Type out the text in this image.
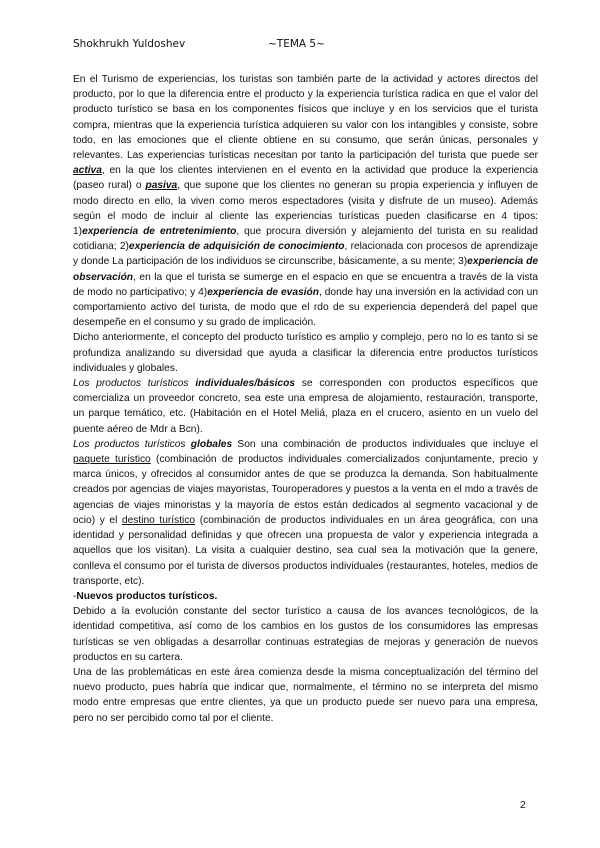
Shokhrukh Yuldoshev	~TEMA 5~

En el Turismo de experiencias, los turistas son también parte de la actividad y actores directos del producto, por lo que la diferencia entre el producto y la experiencia turística radica en que el valor del producto turístico se basa en los componentes físicos que incluye y en los servicios que el turista compra, mientras que la experiencia turística adquieren su valor con los intangibles y consiste, sobre todo, en las emociones que el cliente obtiene en su consumo, que serán únicas, personales y relevantes. Las experiencias turísticas necesitan por tanto la participación del turista que puede ser activa, en la que los clientes intervienen en el evento en la actividad que produce la experiencia (paseo rural) o pasiva, que supone que los clientes no generan su propia experiencia y influyen de modo directo en ello, la viven como meros espectadores (visita y disfrute de un museo). Además según el modo de incluir al cliente las experiencias turísticas pueden clasificarse en 4 tipos: 1)experiencia de entretenimiento, que procura diversión y alejamiento del turista en su realidad cotidiana; 2)experiencia de adquisición de conocimiento, relacionada con procesos de aprendizaje y donde La participación de los individuos se circunscribe, básicamente, a su mente; 3)experiencia de observación, en la que el turista se sumerge en el espacio en que se encuentra a través de la vista de modo no participativo; y 4)experiencia de evasión, donde hay una inversión en la actividad con un comportamiento activo del turista, de modo que el rdo de su experiencia dependerá del papel que desempeñe en el consumo y su grado de implicación.

Dicho anteriormente, el concepto del producto turístico es amplio y complejo, pero no lo es tanto si se profundiza analizando su diversidad que ayuda a clasificar la diferencia entre productos turísticos individuales y globales.

Los productos turísticos individuales/básicos se corresponden con productos específicos que comercializa un proveedor concreto, sea este una empresa de alojamiento, restauración, transporte, un parque temático, etc. (Habitación en el Hotel Meliá, plaza en el crucero, asiento en un vuelo del puente aéreo de Mdr a Bcn).

Los productos turísticos globales Son una combinación de productos individuales que incluye el paquete turístico (combinación de productos individuales comercializados conjuntamente, precio y marca únicos, y ofrecidos al consumidor antes de que se produzca la demanda. Son habitualmente creados por agencias de viajes mayoristas, Touroperadores y puestos a la venta en el mdo a través de agencias de viajes minoristas y la mayoría de estos están dedicados al segmento vacacional y de ocio) y el destino turístico (combinación de productos individuales en un área geográfica, con una identidad y personalidad definidas y que ofrecen una propuesta de valor y experiencia integrada a aquellos que los visitan). La visita a cualquier destino, sea cual sea la motivación que la genere, conlleva el consumo por el turista de diversos productos individuales (restaurantes, hoteles, medios de transporte, etc).

-Nuevos productos turísticos.

Debido a la evolución constante del sector turístico a causa de los avances tecnológicos, de la identidad competitiva, así como de los cambios en los gustos de los consumidores las empresas turísticas se ven obligadas a desarrollar continuas estrategias de mejoras y generación de nuevos productos en su cartera.

Una de las problemáticas en este área comienza desde la misma conceptualización del término del nuevo producto, pues habría que indicar que, normalmente, el término no se interpreta del mismo modo entre empresas que entre clientes, ya que un producto puede ser nuevo para una empresa, pero no ser percibido como tal por el cliente.

2
